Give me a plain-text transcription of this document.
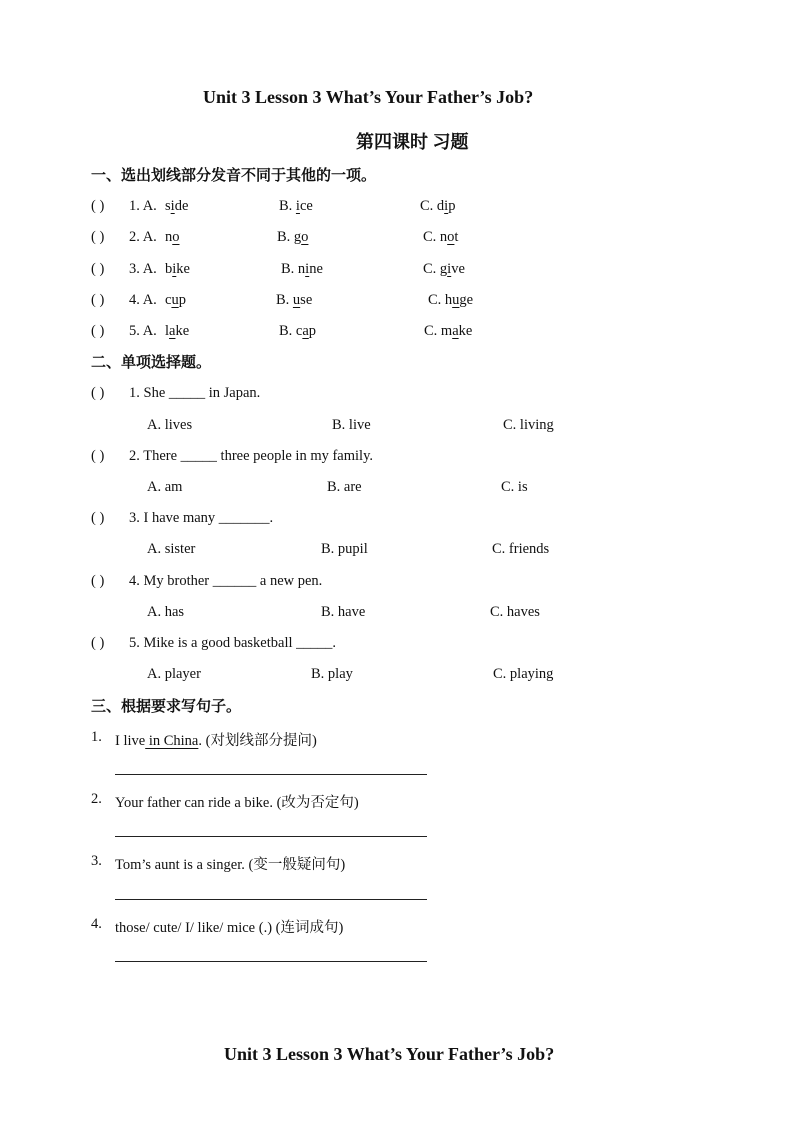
Unit 3 Lesson 3 What’s Your Father’s Job?
第四课时 习题
一、选出划线部分发音不同于其他的一项。
( ) 1. A. side	B. ice	C. dip
( ) 2. A. no	B. go	C. not
( ) 3. A. bike	B. nine	C. give
( ) 4. A. cup	B. use	C. huge
( ) 5. A. lake	B. cap	C. make
二、单项选择题。
( ) 1. She _____ in Japan.
A. lives	B. live	C. living
( ) 2. There _____ three people in my family.
A. am	B. are	C. is
( ) 3. I have many _______.
A. sister	B. pupil	C. friends
( ) 4. My brother ______ a new pen.
A. has	B. have	C. haves
( ) 5. Mike is a good basketball _____.
A. player	B. play	C. playing
三、根据要求写句子。
1. I live in China. (对划线部分提问)
2. Your father can ride a bike. (改为否定句)
3. Tom’s aunt is a singer. (变一般疑问句)
4. those/ cute/ I/ like/ mice (.) (连词成句)
Unit 3 Lesson 3 What’s Your Father’s Job?
